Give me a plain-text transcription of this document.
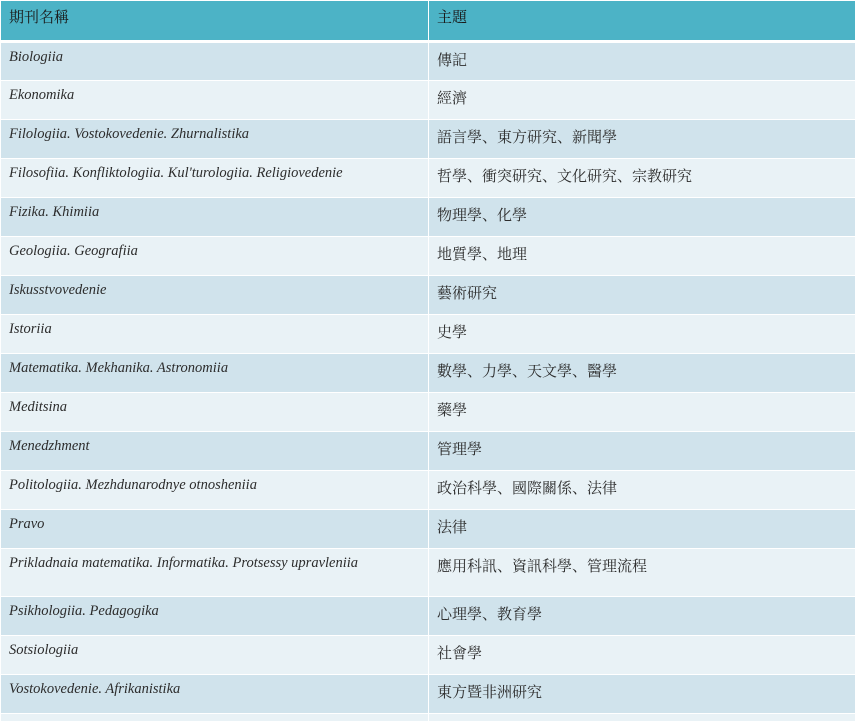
期刊名稱	主題
Biologiia	傳記
Ekonomika	經濟
Filologiia. Vostokovedenie. Zhurnalistika	語言學、東方研究、新聞學
Filosofiia. Konfliktologiia. Kul'turologiia. Religiovedenie	哲學、衝突研究、文化研究、宗教研究
Fizika. Khimiia	物理學、化學
Geologiia. Geografiia	地質學、地理
Iskusstvovedenie	藝術研究
Istoriia	史學
Matematika. Mekhanika. Astronomiia	數學、力學、天文學、醫學
Meditsina	藥學
Menedzhment	管理學
Politologiia. Mezhdunarodnye otnosheniia	政治科學、國際關係、法律
Pravo	法律
Prikladnaia matematika. Informatika. Protsessy upravleniia	應用科訊、資訊科學、管理流程
Psikhologiia. Pedagogika	心理學、教育學
Sotsiologiia	社會學
Vostokovedenie. Afrikanistika	東方暨非洲研究
